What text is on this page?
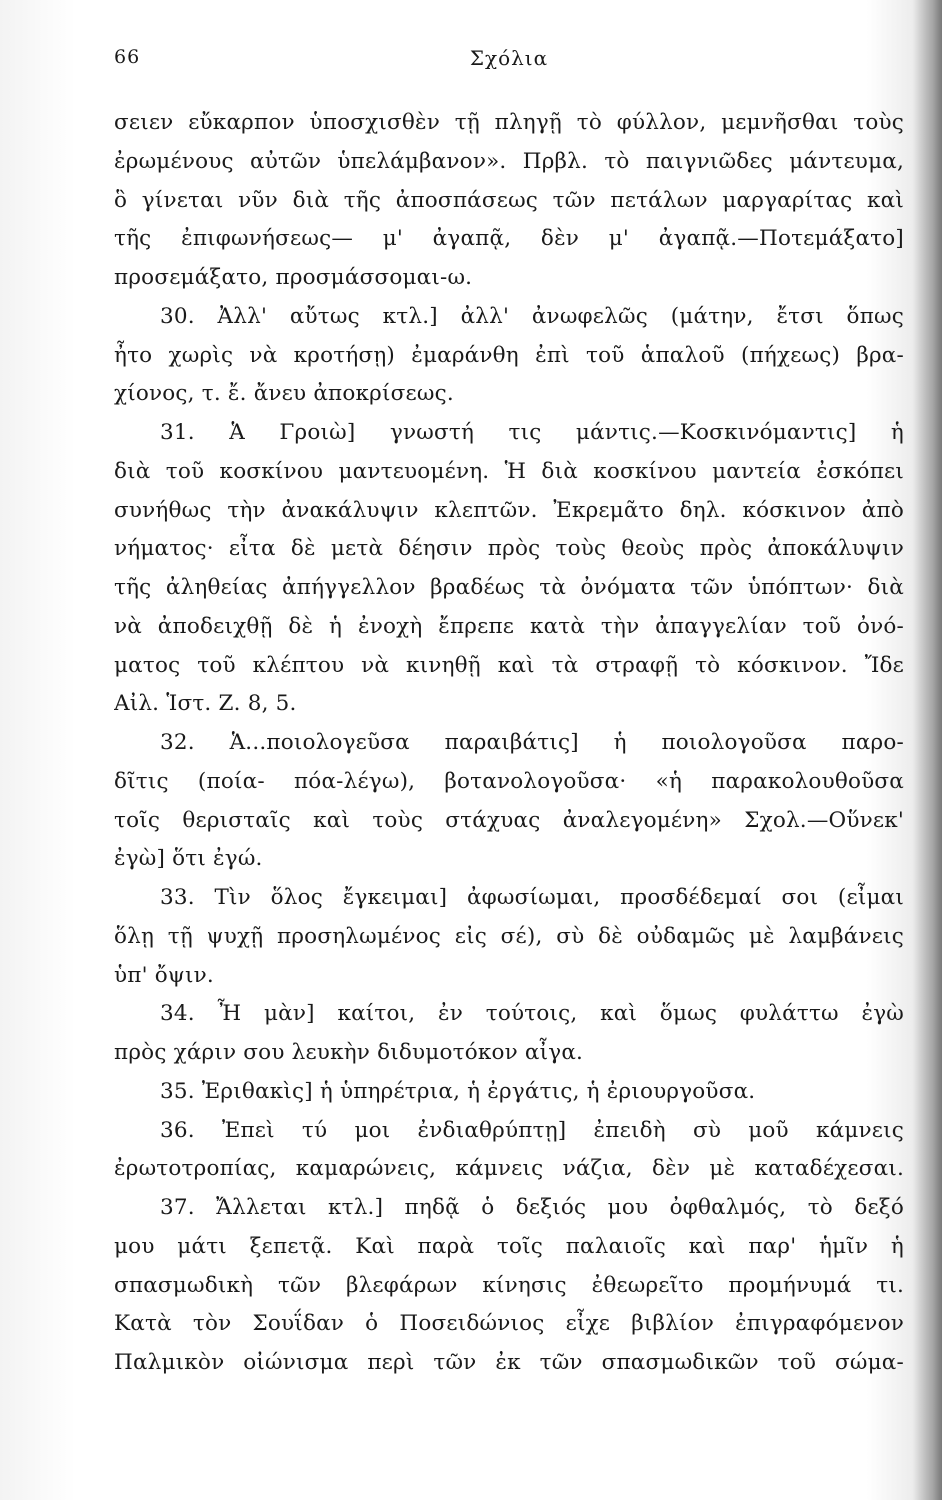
66	Σχόλια
σειεν εὔκαρπον ὑποσχισθὲν τῇ πληγῇ τὸ φύλλον, μεμνῆσθαι τοὺς
ἐρωμένους αὐτῶν ὑπελάμβανον». Πρβλ. τὸ παιγνιῶδες μάντευμα,
ὃ γίνεται νῦν διὰ τῆς ἀποσπάσεως τῶν πετάλων μαργαρίτας καὶ
τῆς ἐπιφωνήσεως— μ' ἀγαπᾷ, δὲν μ' ἀγαπᾷ.—Ποτεμάξατο]
προσεμάξατο, προσμάσσομαι-ω.
30. Ἀλλ' αὔτως κτλ.] ἀλλ' ἀνωφελῶς (μάτην, ἔτσι ὅπως
ἦτο χωρὶς νὰ κροτήσῃ) ἐμαράνθη ἐπὶ τοῦ ἁπαλοῦ (πήχεως) βρα-
χίονος, τ. ἔ. ἄνευ ἀποκρίσεως.
31. Ἁ Γροιὼ] γνωστή τις μάντις.—Κοσκινόμαντις] ἡ
διὰ τοῦ κοσκίνου μαντευομένη. Ἡ διὰ κοσκίνου μαντεία ἐσκόπει
συνήθως τὴν ἀνακάλυψιν κλεπτῶν. Ἐκρεμᾶτο δηλ. κόσκινον ἀπὸ
νήματος· εἶτα δὲ μετὰ δέησιν πρὸς τοὺς θεοὺς πρὸς ἀποκάλυψιν
τῆς ἀληθείας ἀπήγγελλον βραδέως τὰ ὀνόματα τῶν ὑπόπτων· διὰ
νὰ ἀποδειχθῇ δὲ ἡ ἐνοχὴ ἔπρεπε κατὰ τὴν ἀπαγγελίαν τοῦ ὀνό-
ματος τοῦ κλέπτου νὰ κινηθῇ καὶ τὰ στραφῇ τὸ κόσκινον. Ἴδε
Αἰλ. Ἱστ. Ζ. 8, 5.
32. Ἁ...ποιολογεῦσα παραιβάτις] ἡ ποιολογοῦσα παρο-
δῖτις (ποία- πόα-λέγω), βοτανολογοῦσα· «ἡ παρακολουθοῦσα
τοῖς θερισταῖς καὶ τοὺς στάχυας ἀναλεγομένη» Σχολ.—Οὕνεκ'
ἐγὼ] ὅτι ἐγώ.
33. Τὶν ὅλος ἔγκειμαι] ἀφωσίωμαι, προσδέδεμαί σοι (εἶμαι
ὅλῃ τῇ ψυχῇ προσηλωμένος εἰς σέ), σὺ δὲ οὐδαμῶς μὲ λαμβάνεις
ὑπ' ὄψιν.
34. Ἦ μὰν] καίτοι, ἐν τούτοις, καὶ ὅμως φυλάττω ἐγὼ
πρὸς χάριν σου λευκὴν διδυμοτόκον αἶγα.
35. Ἐριθακὶς] ἡ ὑπηρέτρια, ἡ ἐργάτις, ἡ ἐριουργοῦσα.
36. Ἐπεὶ τύ μοι ἐνδιαθρύπτῃ] ἐπειδὴ σὺ μοῦ κάμνεις
ἐρωτοτροπίας, καμαρώνεις, κάμνεις νάζια, δὲν μὲ καταδέχεσαι.
37. Ἄλλεται κτλ.] πηδᾷ ὁ δεξιός μου ὀφθαλμός, τὸ δεξό
μου μάτι ξεπετᾷ. Καὶ παρὰ τοῖς παλαιοῖς καὶ παρ' ἡμῖν ἡ
σπασμωδικὴ τῶν βλεφάρων κίνησις ἐθεωρεῖτο προμήνυμά τι.
Κατὰ τὸν Σουΐδαν ὁ Ποσειδώνιος εἶχε βιβλίον ἐπιγραφόμενον
Παλμικὸν οἰώνισμα περὶ τῶν ἐκ τῶν σπασμωδικῶν τοῦ σώμα-
